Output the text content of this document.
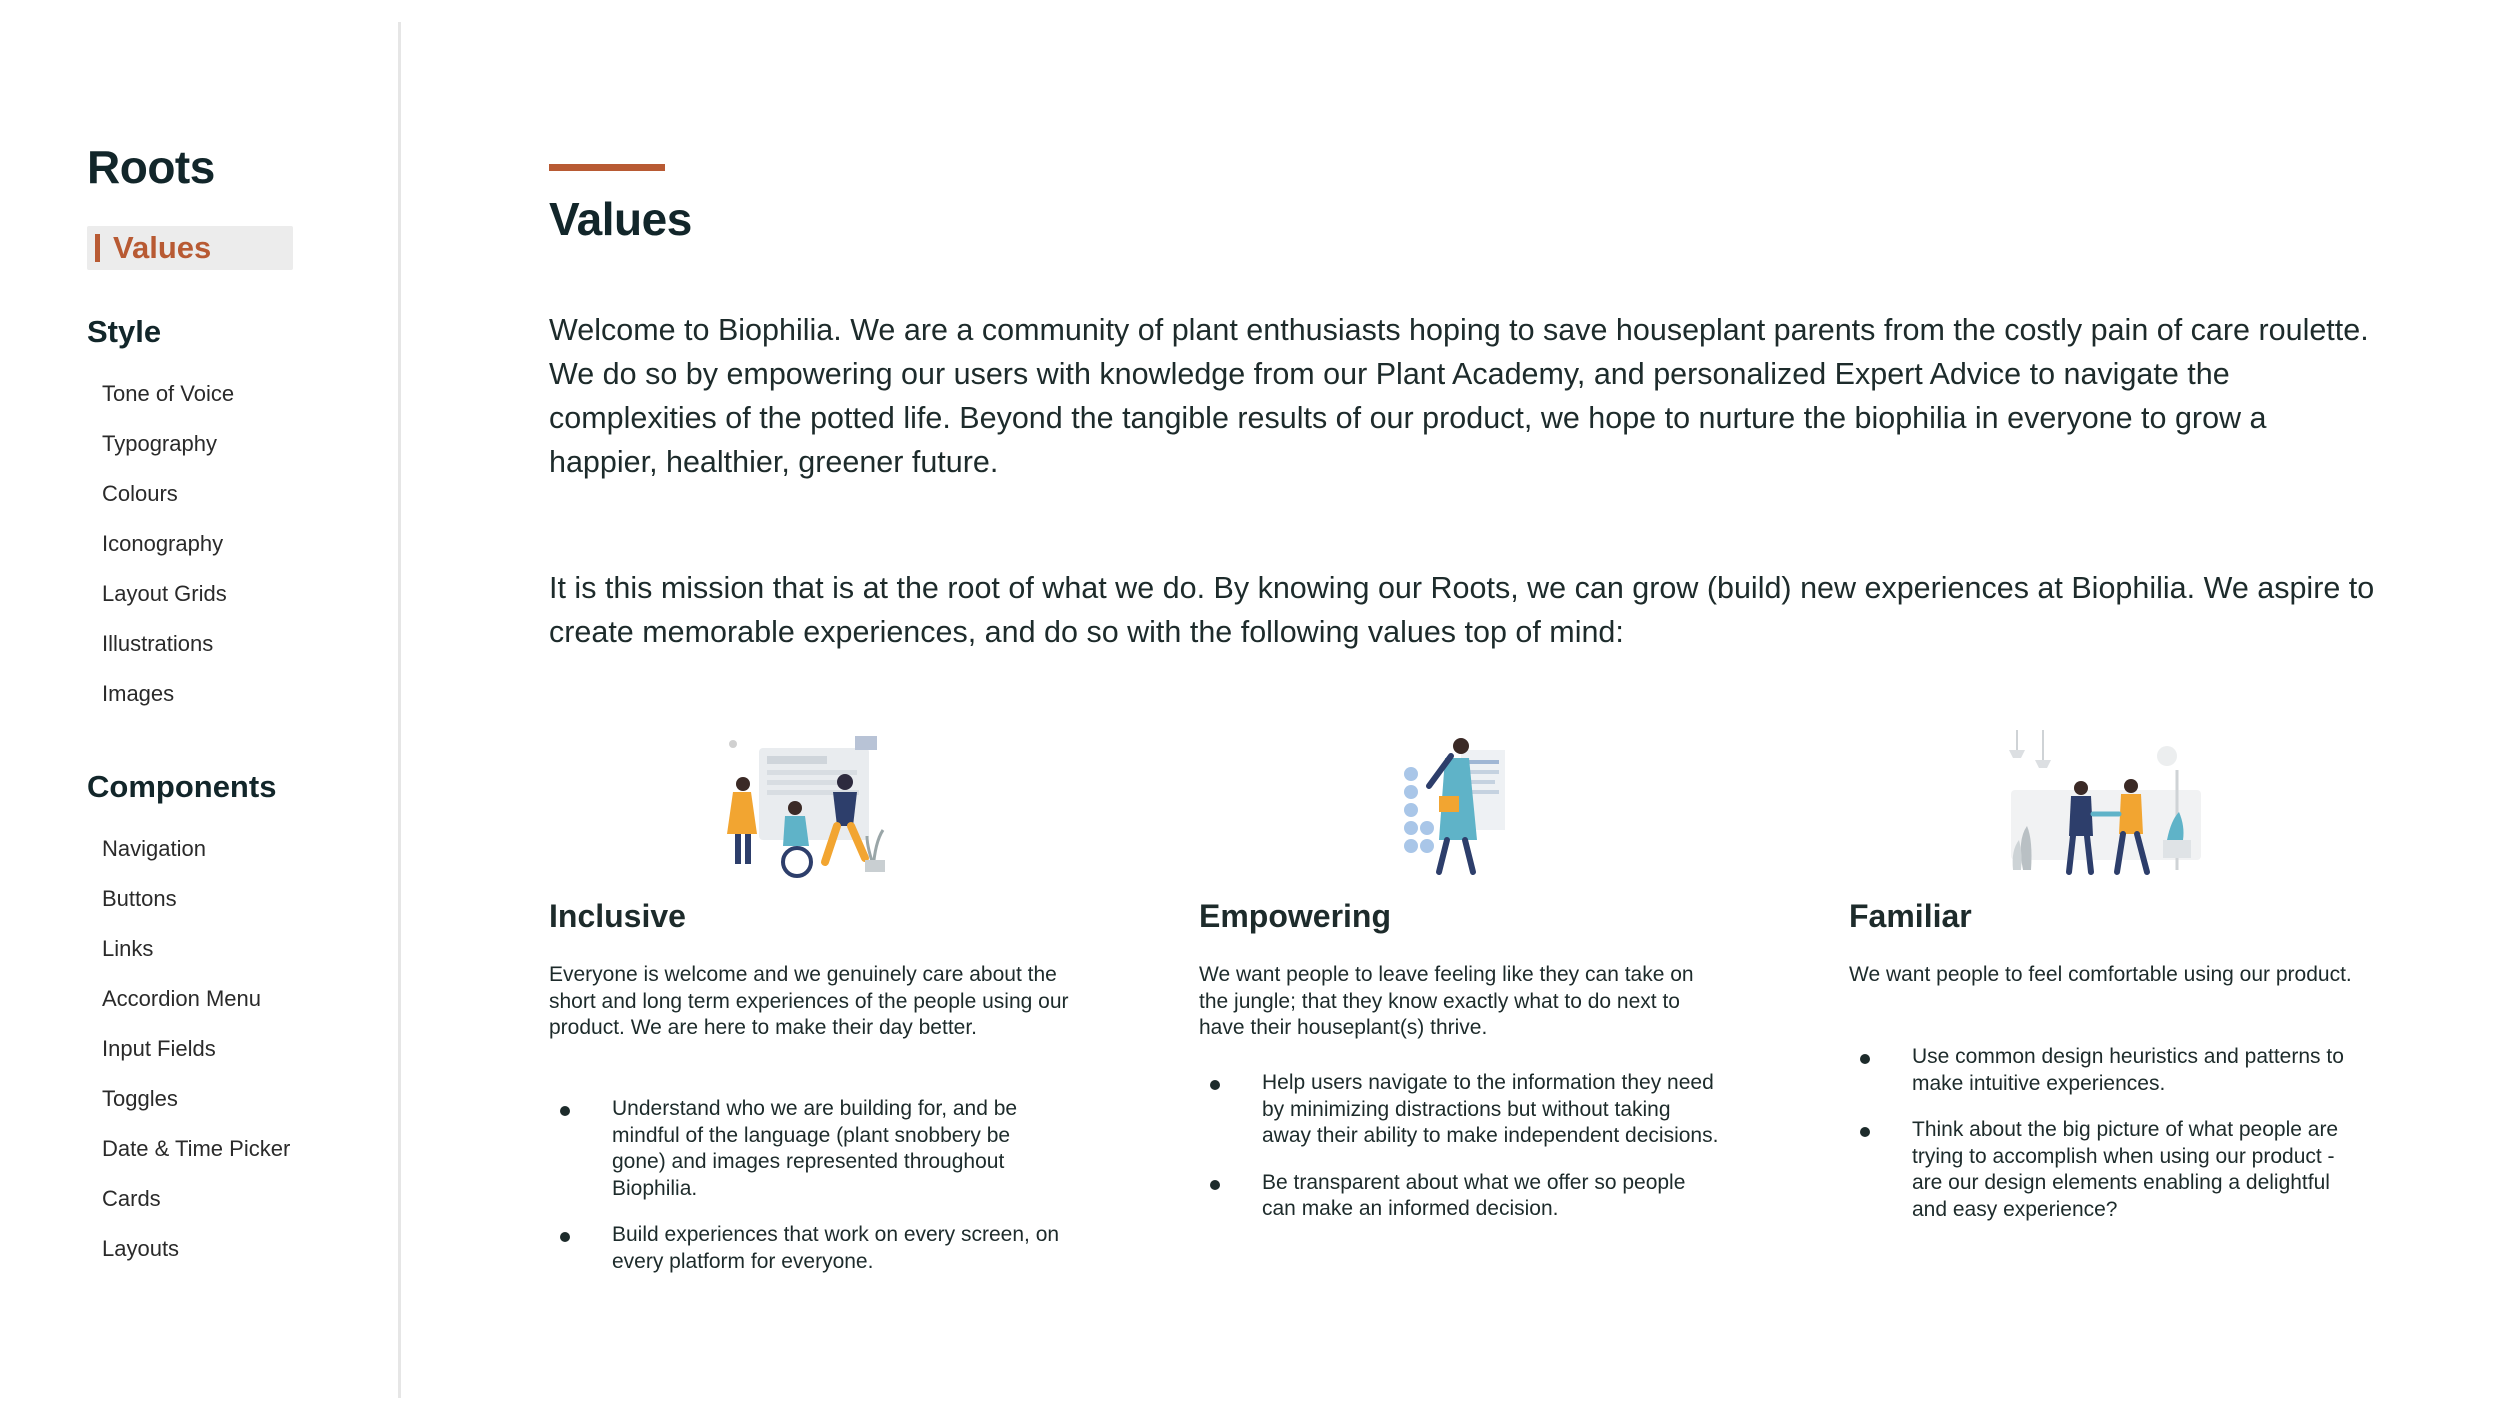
Roots
Values
Style
Tone of Voice
Typography
Colours
Iconography
Layout Grids
Illustrations
Images
Components
Navigation
Buttons
Links
Accordion Menu
Input Fields
Toggles
Date & Time Picker
Cards
Layouts
Values

Welcome to Biophilia. We are a community of plant enthusiasts hoping to save houseplant parents from the costly pain of care roulette. We do so by empowering our users with knowledge from our Plant Academy, and personalized Expert Advice to navigate the complexities of the potted life. Beyond the tangible results of our product, we hope to nurture the biophilia in everyone to grow a happier, healthier, greener future.

It is this mission that is at the root of what we do. By knowing our Roots, we can grow (build) new experiences at Biophilia. We aspire to create memorable experiences, and do so with the following values top of mind:

Inclusive

Everyone is welcome and we genuinely care about the short and long term experiences of the people using our product. We are here to make their day better.

Understand who we are building for, and be mindful of the language (plant snobbery be gone) and images represented throughout Biophilia.
Build experiences that work on every screen, on every platform for everyone.
Empowering

We want people to leave feeling like they can take on the jungle; that they know exactly what to do next to have their houseplant(s) thrive.

Help users navigate to the information they need by minimizing distractions but without taking away their ability to make independent decisions.
Be transparent about what we offer so people can make an informed decision.
Familiar

We want people to feel comfortable using our product.

Use common design heuristics and patterns to make intuitive experiences.
Think about the big picture of what people are trying to accomplish when using our product - are our design elements enabling a delightful and easy experience?
